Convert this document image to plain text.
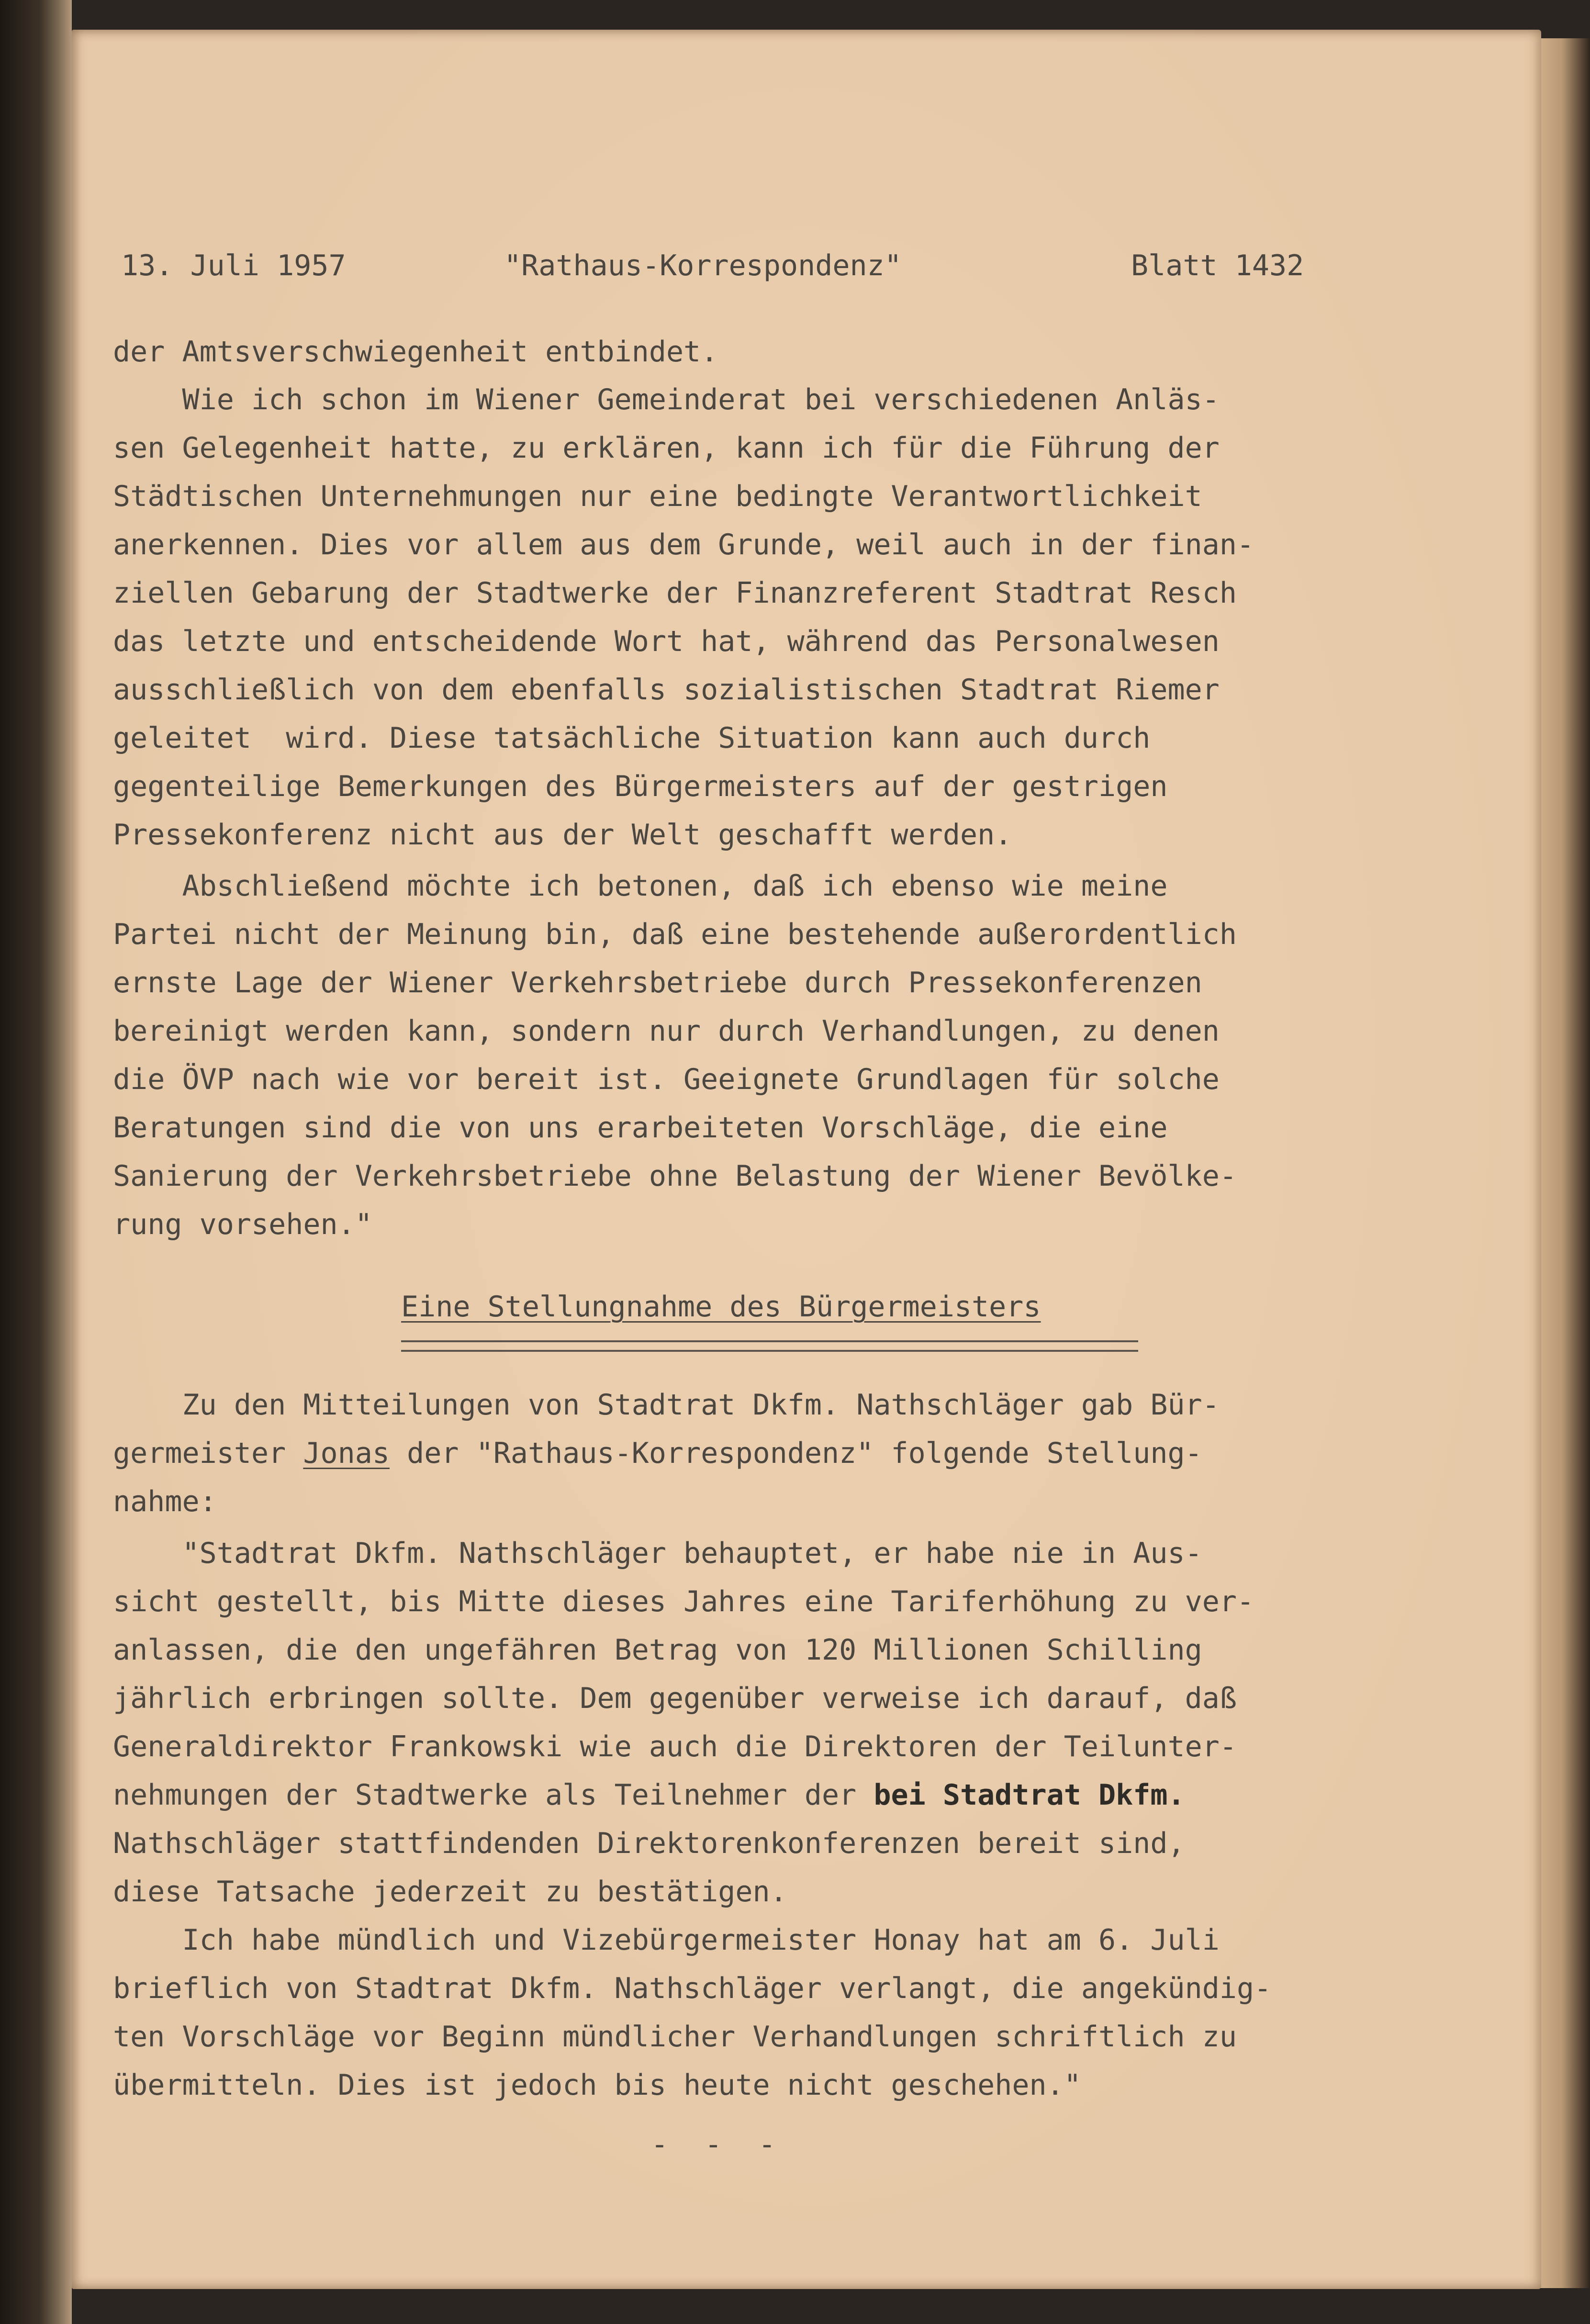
13. Juli 1957	"Rathaus-Korrespondenz"	Blatt 1432
der Amtsverschwiegenheit entbindet.
Wie ich schon im Wiener Gemeinderat bei verschiedenen Anläs-
sen Gelegenheit hatte, zu erklären, kann ich für die Führung der
Städtischen Unternehmungen nur eine bedingte Verantwortlichkeit
anerkennen. Dies vor allem aus dem Grunde, weil auch in der finan-
ziellen Gebarung der Stadtwerke der Finanzreferent Stadtrat Resch
das letzte und entscheidende Wort hat, während das Personalwesen
ausschließlich von dem ebenfalls sozialistischen Stadtrat Riemer
geleitet  wird. Diese tatsächliche Situation kann auch durch
gegenteilige Bemerkungen des Bürgermeisters auf der gestrigen
Pressekonferenz nicht aus der Welt geschafft werden.
Abschließend möchte ich betonen, daß ich ebenso wie meine
Partei nicht der Meinung bin, daß eine bestehende außerordentlich
ernste Lage der Wiener Verkehrsbetriebe durch Pressekonferenzen
bereinigt werden kann, sondern nur durch Verhandlungen, zu denen
die ÖVP nach wie vor bereit ist. Geeignete Grundlagen für solche
Beratungen sind die von uns erarbeiteten Vorschläge, die eine
Sanierung der Verkehrsbetriebe ohne Belastung der Wiener Bevölke-
rung vorsehen."
Eine Stellungnahme des Bürgermeisters
Zu den Mitteilungen von Stadtrat Dkfm. Nathschläger gab Bür-
germeister Jonas der "Rathaus-Korrespondenz" folgende Stellung-
nahme:
"Stadtrat Dkfm. Nathschläger behauptet, er habe nie in Aus-
sicht gestellt, bis Mitte dieses Jahres eine Tariferhöhung zu ver-
anlassen, die den ungefähren Betrag von 120 Millionen Schilling
jährlich erbringen sollte. Dem gegenüber verweise ich darauf, daß
Generaldirektor Frankowski wie auch die Direktoren der Teilunter-
nehmungen der Stadtwerke als Teilnehmer der bei Stadtrat Dkfm.
Nathschläger stattfindenden Direktorenkonferenzen bereit sind,
diese Tatsache jederzeit zu bestätigen.
Ich habe mündlich und Vizebürgermeister Honay hat am 6. Juli
brieflich von Stadtrat Dkfm. Nathschläger verlangt, die angekündig-
ten Vorschläge vor Beginn mündlicher Verhandlungen schriftlich zu
übermitteln. Dies ist jedoch bis heute nicht geschehen."
- - -
